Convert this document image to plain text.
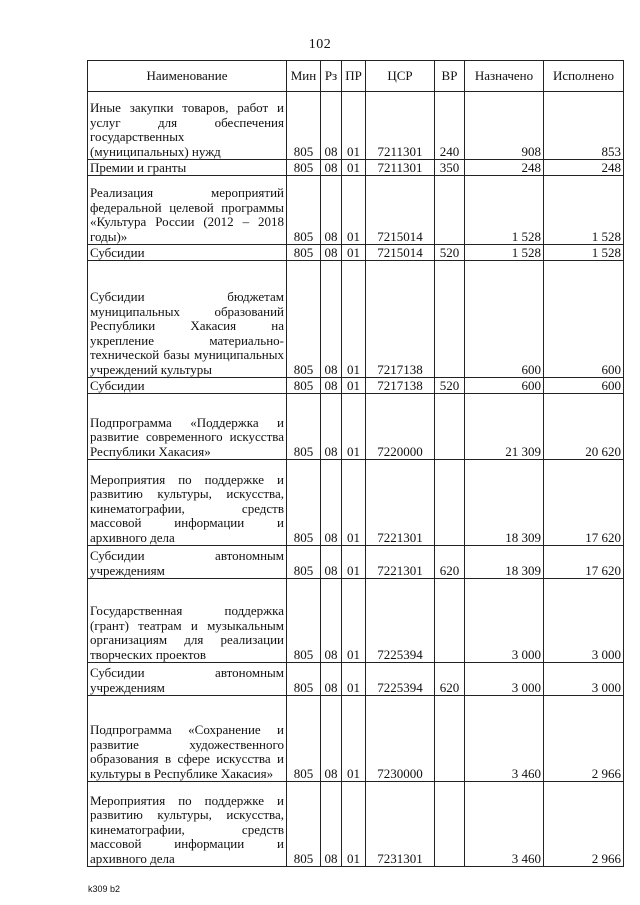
102
Наименование	Мин	Рз	ПР	ЦСР	ВР	Назначено	Исполнено
Иные закупки товаров, работ и услуг для обеспечения государственных (муниципальных) нужд	805	08	01	7211301	240	908	853
Премии и гранты	805	08	01	7211301	350	248	248
Реализация мероприятий федеральной целевой программы «Культура России (2012 – 2018 годы)»	805	08	01	7215014		1 528	1 528
Субсидии	805	08	01	7215014	520	1 528	1 528
Субсидии бюджетам муниципальных образований Республики Хакасия на укрепление материально-технической базы муниципальных учреждений культуры	805	08	01	7217138		600	600
Субсидии	805	08	01	7217138	520	600	600
Подпрограмма «Поддержка и развитие современного искусства Республики Хакасия»	805	08	01	7220000		21 309	20 620
Мероприятия по поддержке и развитию культуры, искусства, кинематографии, средств массовой информации и архивного дела	805	08	01	7221301		18 309	17 620
Субсидии автономным учреждениям	805	08	01	7221301	620	18 309	17 620
Государственная поддержка (грант) театрам и музыкальным организациям для реализации творческих проектов	805	08	01	7225394		3 000	3 000
Субсидии автономным учреждениям	805	08	01	7225394	620	3 000	3 000
Подпрограмма «Сохранение и развитие художественного образования в сфере искусства и культуры в Республике Хакасия»	805	08	01	7230000		3 460	2 966
Мероприятия по поддержке и развитию культуры, искусства, кинематографии, средств массовой информации и архивного дела	805	08	01	7231301		3 460	2 966
k309 b2
